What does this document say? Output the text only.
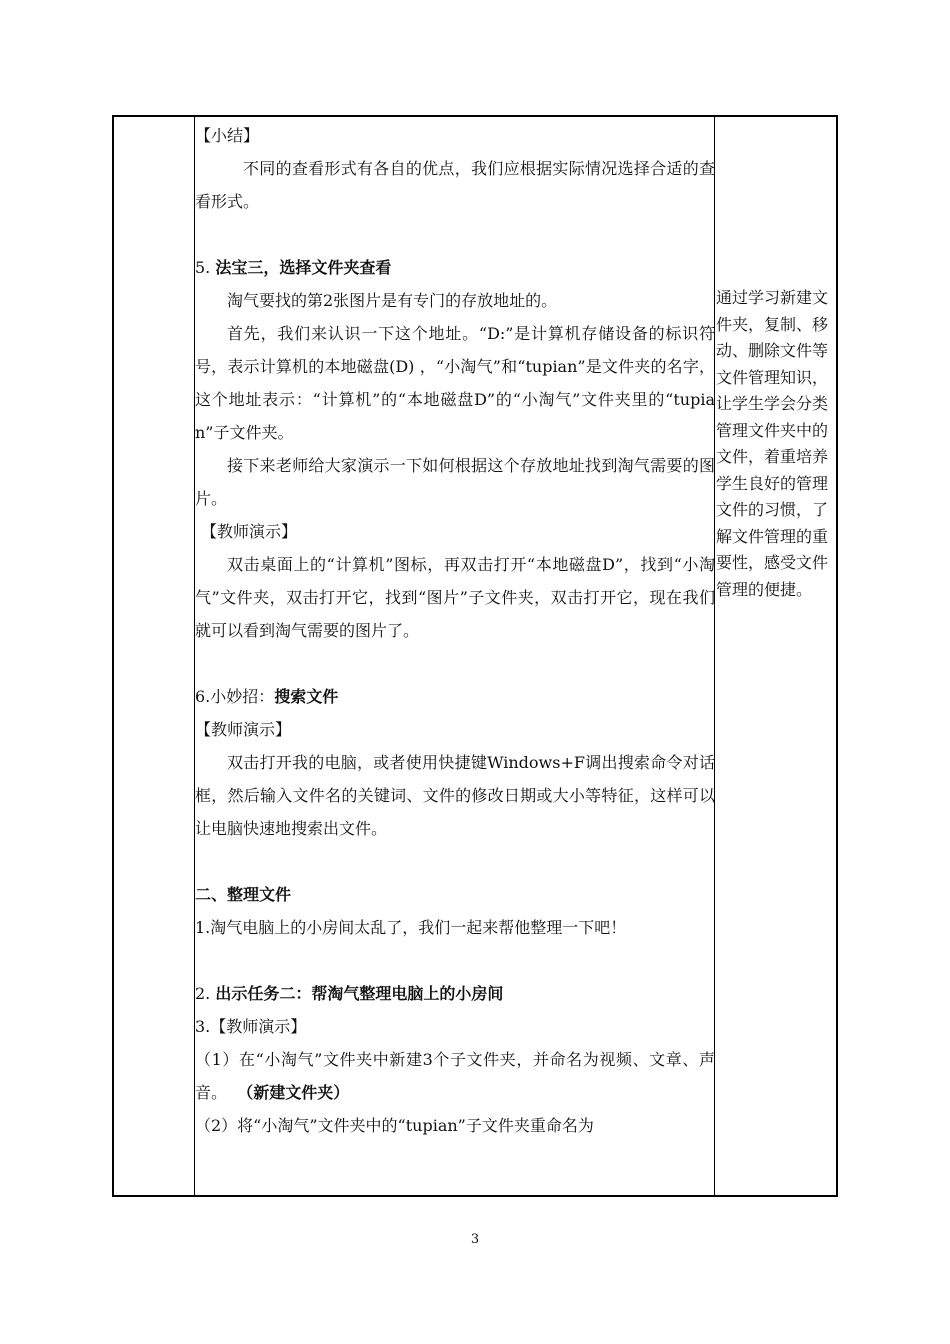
【小结】

不同的查看形式有各自的优点，我们应根据实际情况选择合适的查看形式。

5. 法宝三，选择文件夹查看

淘气要找的第2张图片是有专门的存放地址的。

首先，我们来认识一下这个地址。“D:”是计算机存储设备的标识符号，表示计算机的本地磁盘(D) ，“小淘气”和“tupian”是文件夹的名字，这个地址表示：“计算机”的“本地磁盘D”的“小淘气”文件夹里的“tupian”子文件夹。

接下来老师给大家演示一下如何根据这个存放地址找到淘气需要的图片。

【教师演示】

双击桌面上的“计算机”图标，再双击打开“本地磁盘D”，找到“小淘气”文件夹，双击打开它，找到“图片”子文件夹，双击打开它，现在我们就可以看到淘气需要的图片了。

6.小妙招：搜索文件

【教师演示】

双击打开我的电脑，或者使用快捷键Windows+F调出搜索命令对话框，然后输入文件名的关键词、文件的修改日期或大小等特征，这样可以让电脑快速地搜索出文件。

二、整理文件

1.淘气电脑上的小房间太乱了，我们一起来帮他整理一下吧！

2. 出示任务二：帮淘气整理电脑上的小房间

3.【教师演示】

（1）在“小淘气”文件夹中新建3个子文件夹，并命名为视频、文章、声音。 （新建文件夹）

（2）将“小淘气”文件夹中的“tupian”子文件夹重命名为

通过学习新建文件夹，复制、移动、删除文件等文件管理知识，让学生学会分类管理文件夹中的文件，着重培养学生良好的管理文件的习惯，了解文件管理的重要性，感受文件管理的便捷。
3
